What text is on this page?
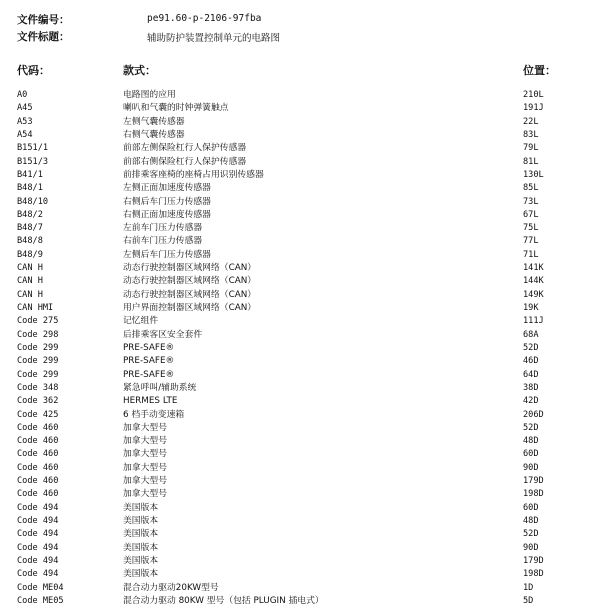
文件编号：	pe91.60-p-2106-97fba
文件标题：	辅助防护装置控制单元的电路图
代码：	款式：	位置：
A0	电路图的应用	210L
A45	喇叭和气囊的时钟弹簧触点	191J
A53	左侧气囊传感器	22L
A54	右侧气囊传感器	83L
B151/1	前部左侧保险杠行人保护传感器	79L
B151/3	前部右侧保险杠行人保护传感器	81L
B41/1	前排乘客座椅的座椅占用识别传感器	130L
B48/1	左侧正面加速度传感器	85L
B48/10	右侧后车门压力传感器	73L
B48/2	右侧正面加速度传感器	67L
B48/7	左前车门压力传感器	75L
B48/8	右前车门压力传感器	77L
B48/9	左侧后车门压力传感器	71L
CAN H	动态行驶控制器区域网络（CAN）	141K
CAN H	动态行驶控制器区域网络（CAN）	144K
CAN H	动态行驶控制器区域网络（CAN）	149K
CAN HMI	用户界面控制器区域网络（CAN）	19K
Code 275	记忆组件	111J
Code 298	后排乘客区安全套件	68A
Code 299	PRE-SAFE®	52D
Code 299	PRE-SAFE®	46D
Code 299	PRE-SAFE®	64D
Code 348	紧急呼叫/辅助系统	38D
Code 362	HERMES LTE	42D
Code 425	6 档手动变速箱	206D
Code 460	加拿大型号	52D
Code 460	加拿大型号	48D
Code 460	加拿大型号	60D
Code 460	加拿大型号	90D
Code 460	加拿大型号	179D
Code 460	加拿大型号	198D
Code 494	美国版本	60D
Code 494	美国版本	48D
Code 494	美国版本	52D
Code 494	美国版本	90D
Code 494	美国版本	179D
Code 494	美国版本	198D
Code ME04	混合动力驱动20KW型号	1D
Code ME05	混合动力驱动 80KW 型号（包括 PLUGIN 插电式）	5D
